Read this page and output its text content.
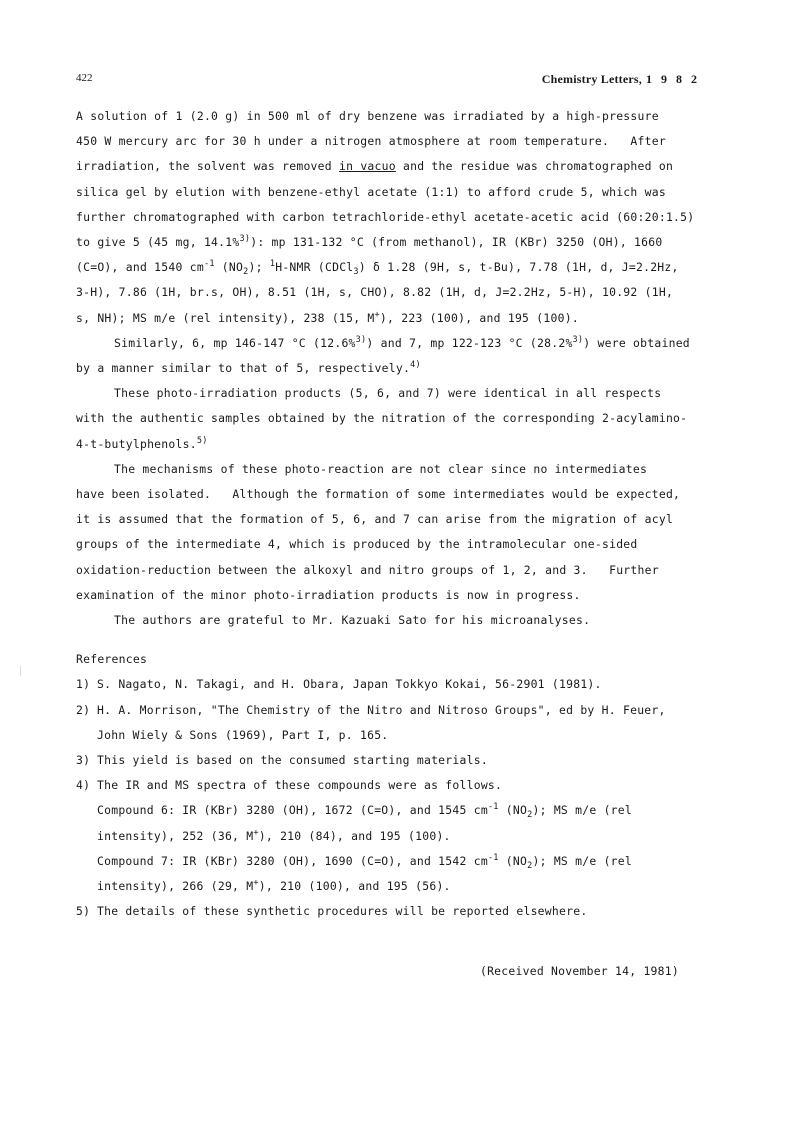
422	Chemistry Letters, 1 9 8 2
A solution of 1 (2.0 g) in 500 ml of dry benzene was irradiated by a high-pressure
450 W mercury arc for 30 h under a nitrogen atmosphere at room temperature.   After
irradiation, the solvent was removed in vacuo and the residue was chromatographed on
silica gel by elution with benzene-ethyl acetate (1:1) to afford crude 5, which was
further chromatographed with carbon tetrachloride-ethyl acetate-acetic acid (60:20:1.5)
to give 5 (45 mg, 14.1%$^{3)}$): mp 131-132 °C (from methanol), IR (KBr) 3250 (OH), 1660
(C=O), and 1540 $cm^{-1}$ $(NO_2)$; $^1$H-NMR (CDCl$_3$) δ 1.28 (9H, s, t-Bu), 7.78 (1H, d, J=2.2Hz,
3-H), 7.86 (1H, br.s, OH), 8.51 (1H, s, CHO), 8.82 (1H, d, J=2.2Hz, 5-H), 10.92 (1H,
s, NH); MS m/e (rel intensity), 238 (15, M+), 223 (100), and 195 (100).
Similarly, 6, mp 146-147 °C (12.6%$^{3)}$) and 7, mp 122-123 °C (28.2%$^{3)}$) were obtained
by a manner similar to that of 5, respectively.$^{4)}$
These photo-irradiation products (5, 6, and 7) were identical in all respects
with the authentic samples obtained by the nitration of the corresponding 2-acylamino-
4-t-butylphenols.$^{5)}$
The mechanisms of these photo-reaction are not clear since no intermediates
have been isolated.   Although the formation of some intermediates would be expected,
it is assumed that the formation of 5, 6, and 7 can arise from the migration of acyl
groups of the intermediate 4, which is produced by the intramolecular one-sided
oxidation-reduction between the alkoxyl and nitro groups of 1, 2, and 3.   Further
examination of the minor photo-irradiation products is now in progress.
The authors are grateful to Mr. Kazuaki Sato for his microanalyses.
References
1) S. Nagato, N. Takagi, and H. Obara, Japan Tokkyo Kokai, 56-2901 (1981).
2) H. A. Morrison, "The Chemistry of the Nitro and Nitroso Groups", ed by H. Feuer,
John Wiely & Sons (1969), Part I, p. 165.
3) This yield is based on the consumed starting materials.
4) The IR and MS spectra of these compounds were as follows.
Compound 6: IR (KBr) 3280 (OH), 1672 (C=O), and 1545 $cm^{-1}$ $(NO_2)$; MS m/e (rel
intensity), 252 (36, M+), 210 (84), and 195 (100).
Compound 7: IR (KBr) 3280 (OH), 1690 (C=O), and 1542 $cm^{-1}$ $(NO_2)$; MS m/e (rel
intensity), 266 (29, M+), 210 (100), and 195 (56).
5) The details of these synthetic procedures will be reported elsewhere.
(Received November 14, 1981)
